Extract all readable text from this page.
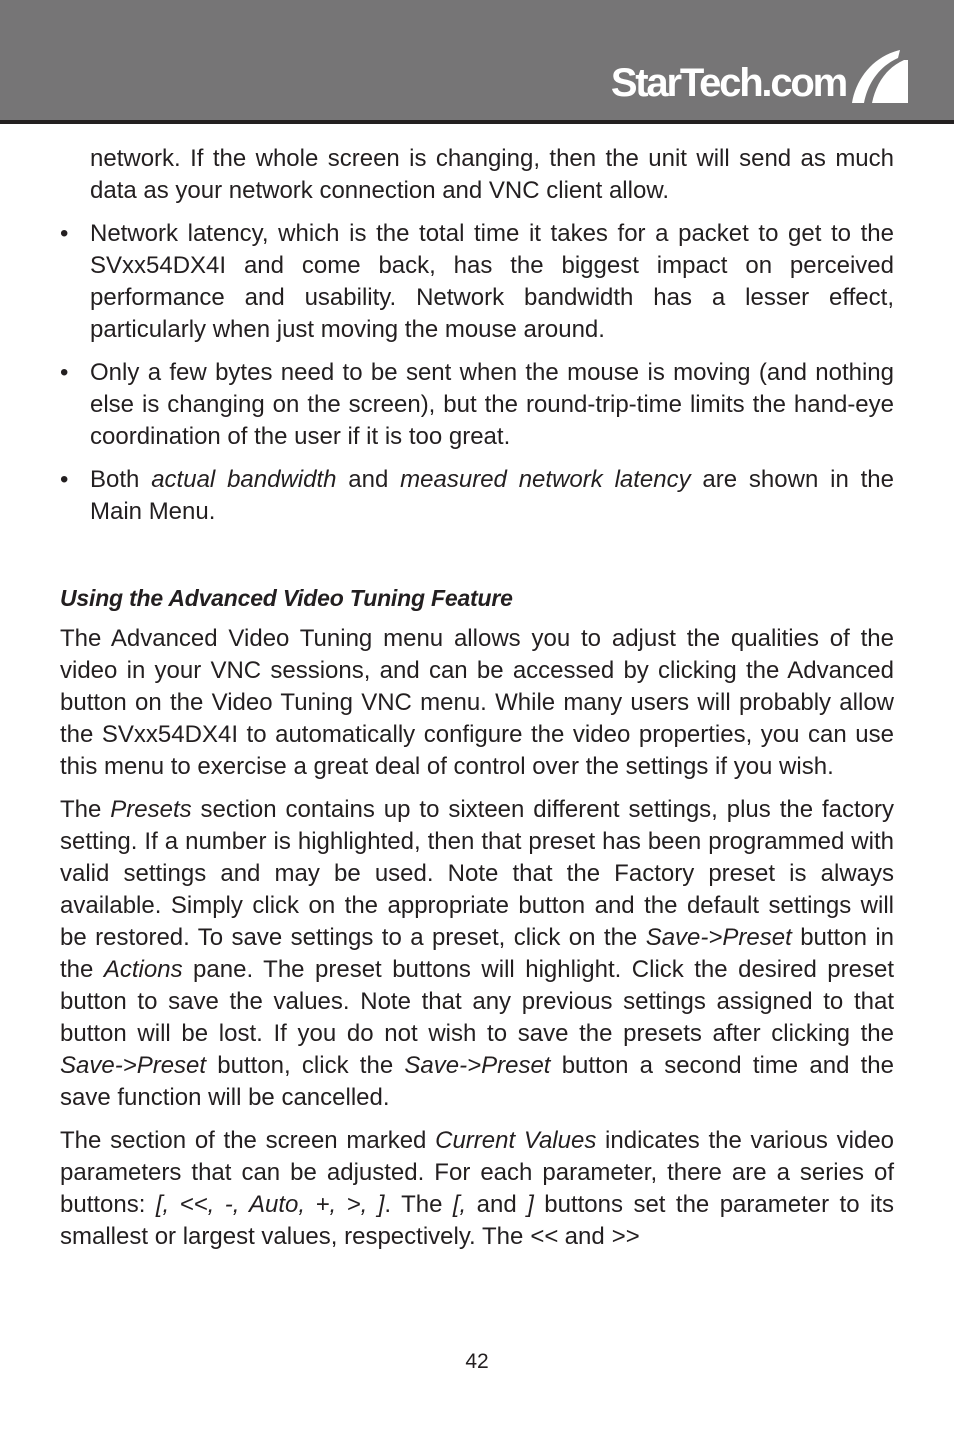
StarTech.com

network. If the whole screen is changing, then the unit will send as much data as your network connection and VNC client allow.

• Network latency, which is the total time it takes for a packet to get to the SVxx54DX4I and come back, has the biggest impact on perceived performance and usability. Network bandwidth has a lesser effect, particularly when just moving the mouse around.

• Only a few bytes need to be sent when the mouse is moving (and nothing else is changing on the screen), but the round-trip-time limits the hand-eye coordination of the user if it is too great.

• Both actual bandwidth and measured network latency are shown in the Main Menu.

Using the Advanced Video Tuning Feature

The Advanced Video Tuning menu allows you to adjust the qualities of the video in your VNC sessions, and can be accessed by clicking the Advanced button on the Video Tuning VNC menu. While many users will probably allow the SVxx54DX4I to automatically configure the video properties, you can use this menu to exercise a great deal of control over the settings if you wish.

The Presets section contains up to sixteen different settings, plus the factory setting. If a number is highlighted, then that preset has been programmed with valid settings and may be used. Note that the Factory preset is always available. Simply click on the appropriate button and the default settings will be restored. To save settings to a preset, click on the Save->Preset button in the Actions pane. The preset buttons will highlight. Click the desired preset button to save the values. Note that any previous settings assigned to that button will be lost. If you do not wish to save the presets after clicking the Save->Preset button, click the Save->Preset button a second time and the save function will be cancelled.

The section of the screen marked Current Values indicates the various video parameters that can be adjusted. For each parameter, there are a series of buttons: [, <<, -, Auto, +, >, ]. The [, and ] buttons set the parameter to its smallest or largest values, respectively. The << and >>

42
